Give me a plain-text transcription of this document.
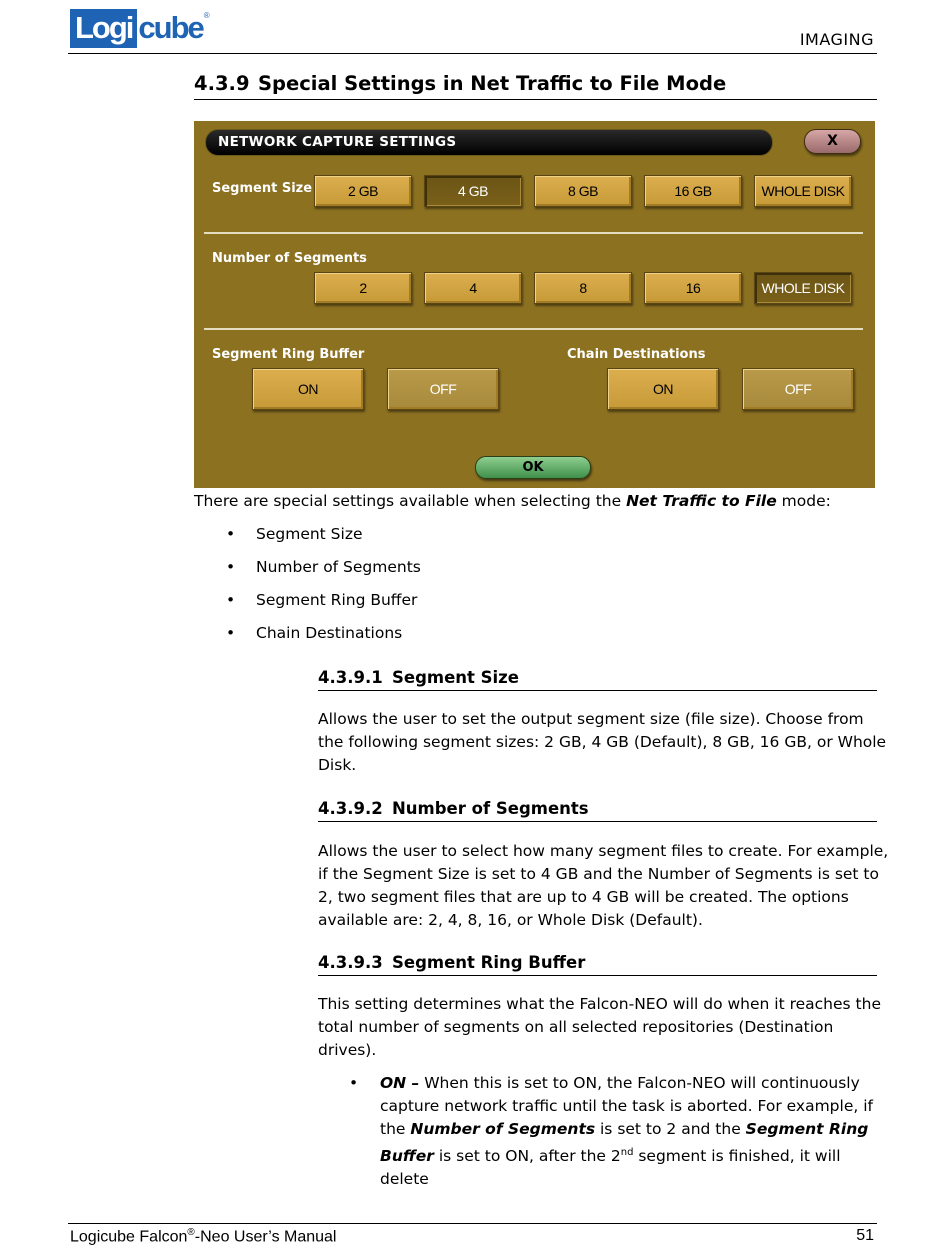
Logi cube ®
IMAGING
4.3.9 Special Settings in Net Traffic to File Mode
NETWORK CAPTURE SETTINGS	X
Segment Size	2 GB	4 GB	8 GB	16 GB	WHOLE DISK
Number of Segments
2	4	8	16	WHOLE DISK
Segment Ring Buffer
ON	OFF
Chain Destinations
ON	OFF
OK
There are special settings available when selecting the Net Traffic to File mode:
• Segment Size
• Number of Segments
• Segment Ring Buffer
• Chain Destinations
4.3.9.1 Segment Size
Allows the user to set the output segment size (file size). Choose from
the following segment sizes: 2 GB, 4 GB (Default), 8 GB, 16 GB, or Whole
Disk.
4.3.9.2 Number of Segments
Allows the user to select how many segment files to create. For example,
if the Segment Size is set to 4 GB and the Number of Segments is set to
2, two segment files that are up to 4 GB will be created. The options
available are: 2, 4, 8, 16, or Whole Disk (Default).
4.3.9.3 Segment Ring Buffer
This setting determines what the Falcon-NEO will do when it reaches the
total number of segments on all selected repositories (Destination
drives).
• ON – When this is set to ON, the Falcon-NEO will continuously
capture network traffic until the task is aborted. For example, if
the Number of Segments is set to 2 and the Segment Ring
Buffer is set to ON, after the 2nd segment is finished, it will delete
Logicube Falcon®-Neo User’s Manual	51
